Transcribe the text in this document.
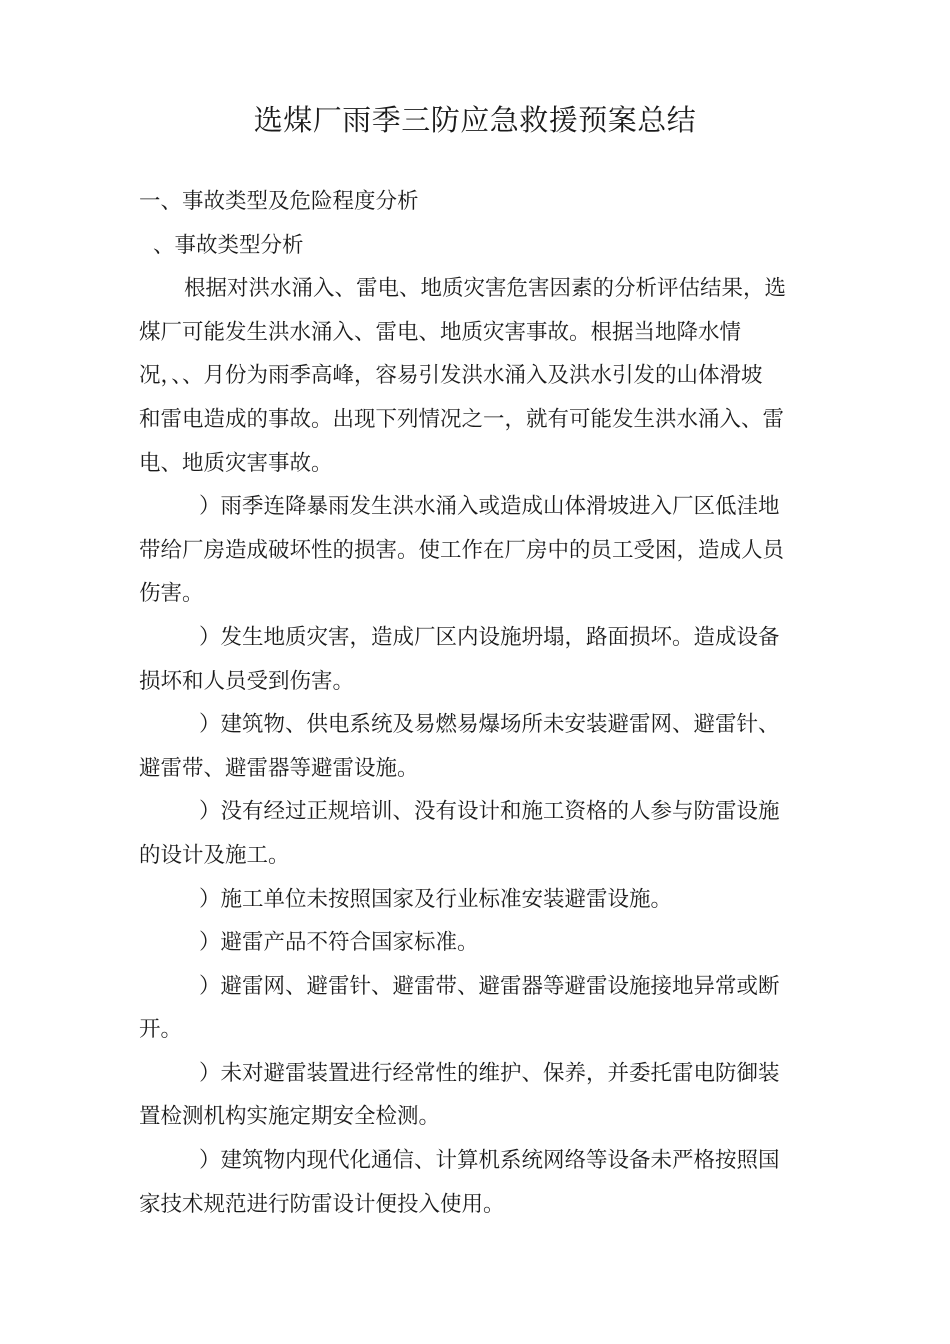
选煤厂雨季三防应急救援预案总结
一、事故类型及危险程度分析
、事故类型分析
根据对洪水涌入、雷电、地质灾害危害因素的分析评估结果，选
煤厂可能发生洪水涌入、雷电、地质灾害事故。根据当地降水情
况，、、月份为雨季高峰，容易引发洪水涌入及洪水引发的山体滑坡
和雷电造成的事故。出现下列情况之一，就有可能发生洪水涌入、雷
电、地质灾害事故。
）雨季连降暴雨发生洪水涌入或造成山体滑坡进入厂区低洼地
带给厂房造成破坏性的损害。使工作在厂房中的员工受困，造成人员
伤害。
）发生地质灾害，造成厂区内设施坍塌，路面损坏。造成设备
损坏和人员受到伤害。
）建筑物、供电系统及易燃易爆场所未安装避雷网、避雷针、
避雷带、避雷器等避雷设施。
）没有经过正规培训、没有设计和施工资格的人参与防雷设施
的设计及施工。
）施工单位未按照国家及行业标准安装避雷设施。
）避雷产品不符合国家标准。
）避雷网、避雷针、避雷带、避雷器等避雷设施接地异常或断
开。
）未对避雷装置进行经常性的维护、保养，并委托雷电防御装
置检测机构实施定期安全检测。
）建筑物内现代化通信、计算机系统网络等设备未严格按照国
家技术规范进行防雷设计便投入使用。
